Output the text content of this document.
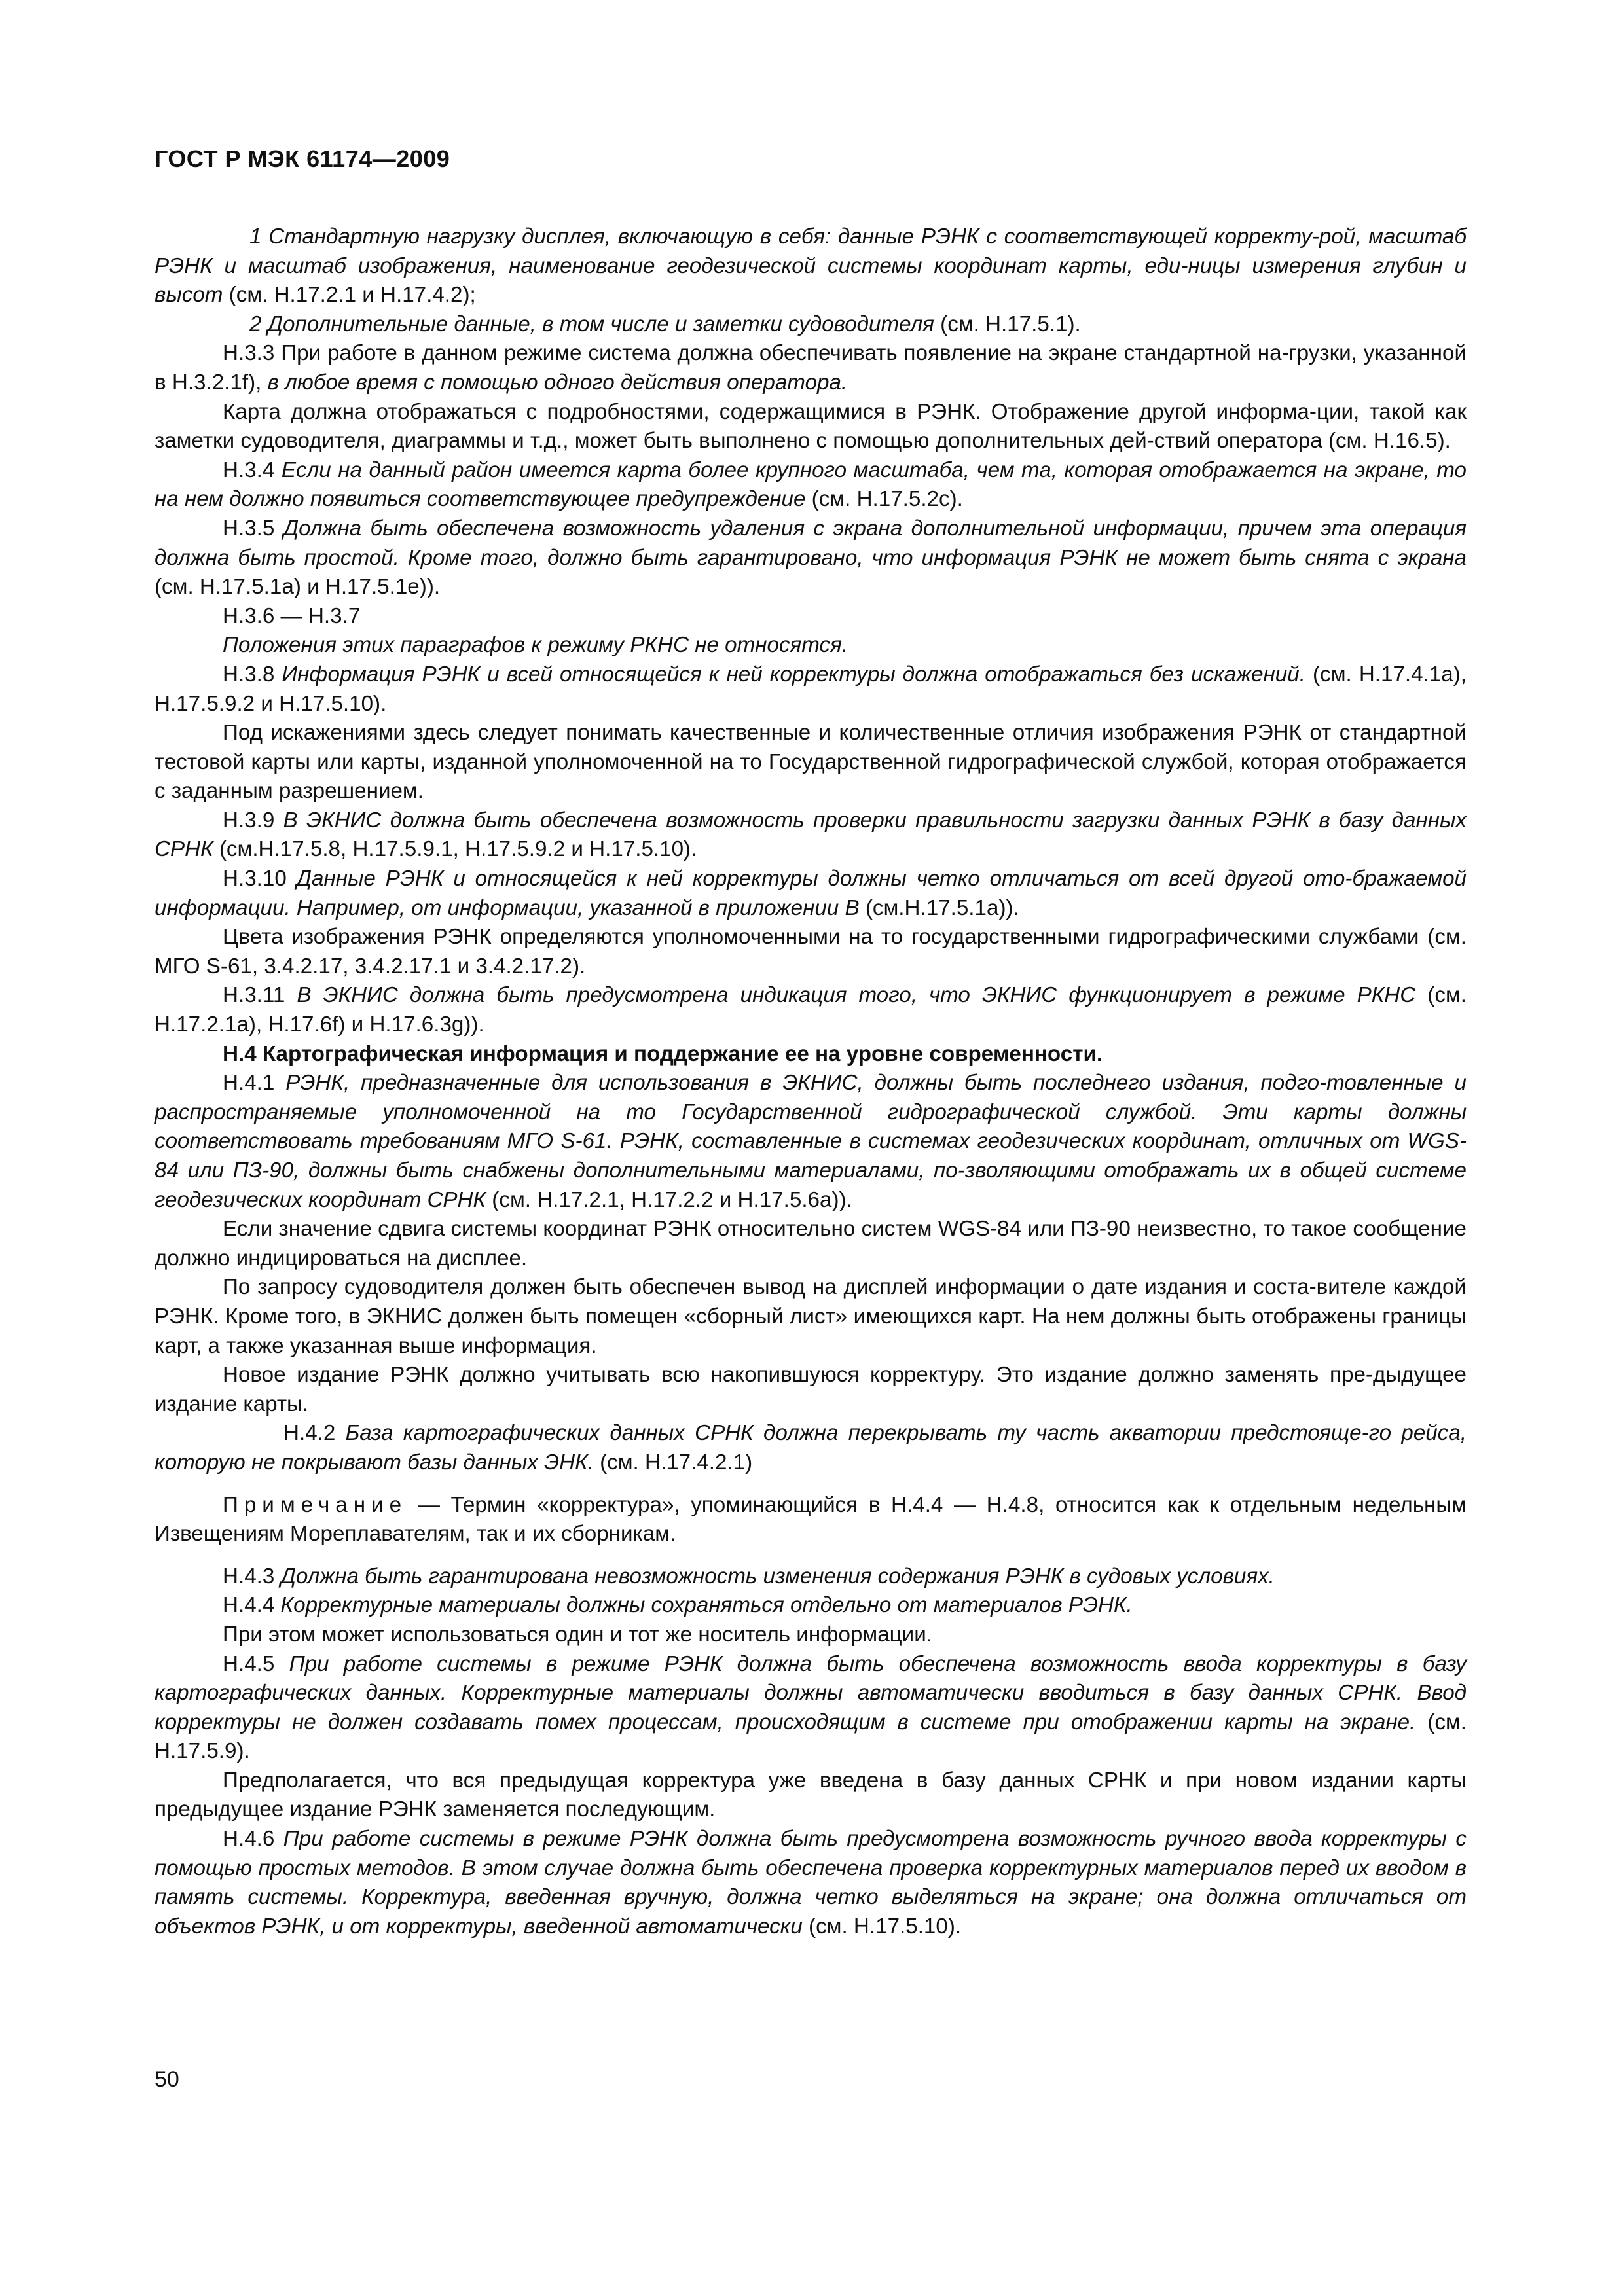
ГОСТ Р МЭК 61174—2009

1 Стандартную нагрузку дисплея, включающую в себя: данные РЭНК с соответствующей корректу-рой, масштаб РЭНК и масштаб изображения, наименование геодезической системы координат карты, еди-ницы измерения глубин и высот (см. Н.17.2.1 и Н.17.4.2);

2 Дополнительные данные, в том числе и заметки судоводителя (см. Н.17.5.1).

Н.3.3 При работе в данном режиме система должна обеспечивать появление на экране стандартной на-грузки, указанной в Н.3.2.1f), в любое время с помощью одного действия оператора.

Карта должна отображаться с подробностями, содержащимися в РЭНК. Отображение другой информа-ции, такой как заметки судоводителя, диаграммы и т.д., может быть выполнено с помощью дополнительных дей-ствий оператора (см. Н.16.5).

Н.3.4 Если на данный район имеется карта более крупного масштаба, чем та, которая отображается на экране, то на нем должно появиться соответствующее предупреждение (см. Н.17.5.2с).

Н.3.5 Должна быть обеспечена возможность удаления с экрана дополнительной информации, причем эта операция должна быть простой. Кроме того, должно быть гарантировано, что информация РЭНК не может быть снята с экрана (см. Н.17.5.1а) и Н.17.5.1е)).

Н.3.6 — Н.3.7

Положения этих параграфов к режиму РКНС не относятся.

Н.3.8 Информация РЭНК и всей относящейся к ней корректуры должна отображаться без искажений. (см. Н.17.4.1а), Н.17.5.9.2 и Н.17.5.10).

Под искажениями здесь следует понимать качественные и количественные отличия изображения РЭНК от стандартной тестовой карты или карты, изданной уполномоченной на то Государственной гидрографической службой, которая отображается с заданным разрешением.

Н.3.9 В ЭКНИС должна быть обеспечена возможность проверки правильности загрузки данных РЭНК в базу данных СРНК (см.Н.17.5.8, Н.17.5.9.1, Н.17.5.9.2 и Н.17.5.10).

Н.3.10 Данные РЭНК и относящейся к ней корректуры должны четко отличаться от всей другой ото-бражаемой информации. Например, от информации, указанной в приложении В (см.Н.17.5.1а)).

Цвета изображения РЭНК определяются уполномоченными на то государственными гидрографическими службами (см. МГО S-61, 3.4.2.17, 3.4.2.17.1 и 3.4.2.17.2).

Н.3.11 В ЭКНИС должна быть предусмотрена индикация того, что ЭКНИС функционирует в режиме РКНС (см. Н.17.2.1а), Н.17.6f) и Н.17.6.3g)).

Н.4 Картографическая информация и поддержание ее на уровне современности.

Н.4.1 РЭНК, предназначенные для использования в ЭКНИС, должны быть последнего издания, подго-товленные и распространяемые уполномоченной на то Государственной гидрографической службой. Эти карты должны соответствовать требованиям МГО S-61. РЭНК, составленные в системах геодезических координат, отличных от WGS-84 или ПЗ-90, должны быть снабжены дополнительными материалами, по-зволяющими отображать их в общей системе геодезических координат СРНК (см. Н.17.2.1, Н.17.2.2 и Н.17.5.6а)).

Если значение сдвига системы координат РЭНК относительно систем WGS-84 или ПЗ-90 неизвестно, то такое сообщение должно индицироваться на дисплее.

По запросу судоводителя должен быть обеспечен вывод на дисплей информации о дате издания и соста-вителе каждой РЭНК. Кроме того, в ЭКНИС должен быть помещен «сборный лист» имеющихся карт. На нем должны быть отображены границы карт, а также указанная выше информация.

Новое издание РЭНК должно учитывать всю накопившуюся корректуру. Это издание должно заменять пре-дыдущее издание карты.

Н.4.2 База картографических данных СРНК должна перекрывать ту часть акватории предстояще-го рейса, которую не покрывают базы данных ЭНК. (см. Н.17.4.2.1)

Примечание — Термин «корректура», упоминающийся в Н.4.4 — Н.4.8, относится как к отдельным недельным Извещениям Мореплавателям, так и их сборникам.

Н.4.3 Должна быть гарантирована невозможность изменения содержания РЭНК в судовых условиях.

Н.4.4 Корректурные материалы должны сохраняться отдельно от материалов РЭНК.

При этом может использоваться один и тот же носитель информации.

Н.4.5 При работе системы в режиме РЭНК должна быть обеспечена возможность ввода корректуры в базу картографических данных. Корректурные материалы должны автоматически вводиться в базу данных СРНК. Ввод корректуры не должен создавать помех процессам, происходящим в системе при отображении карты на экране. (см. Н.17.5.9).

Предполагается, что вся предыдущая корректура уже введена в базу данных СРНК и при новом издании карты предыдущее издание РЭНК заменяется последующим.

Н.4.6 При работе системы в режиме РЭНК должна быть предусмотрена возможность ручного ввода корректуры с помощью простых методов. В этом случае должна быть обеспечена проверка корректурных материалов перед их вводом в память системы. Корректура, введенная вручную, должна четко выделяться на экране; она должна отличаться от объектов РЭНК, и от корректуры, введенной автоматически (см. Н.17.5.10).

50
